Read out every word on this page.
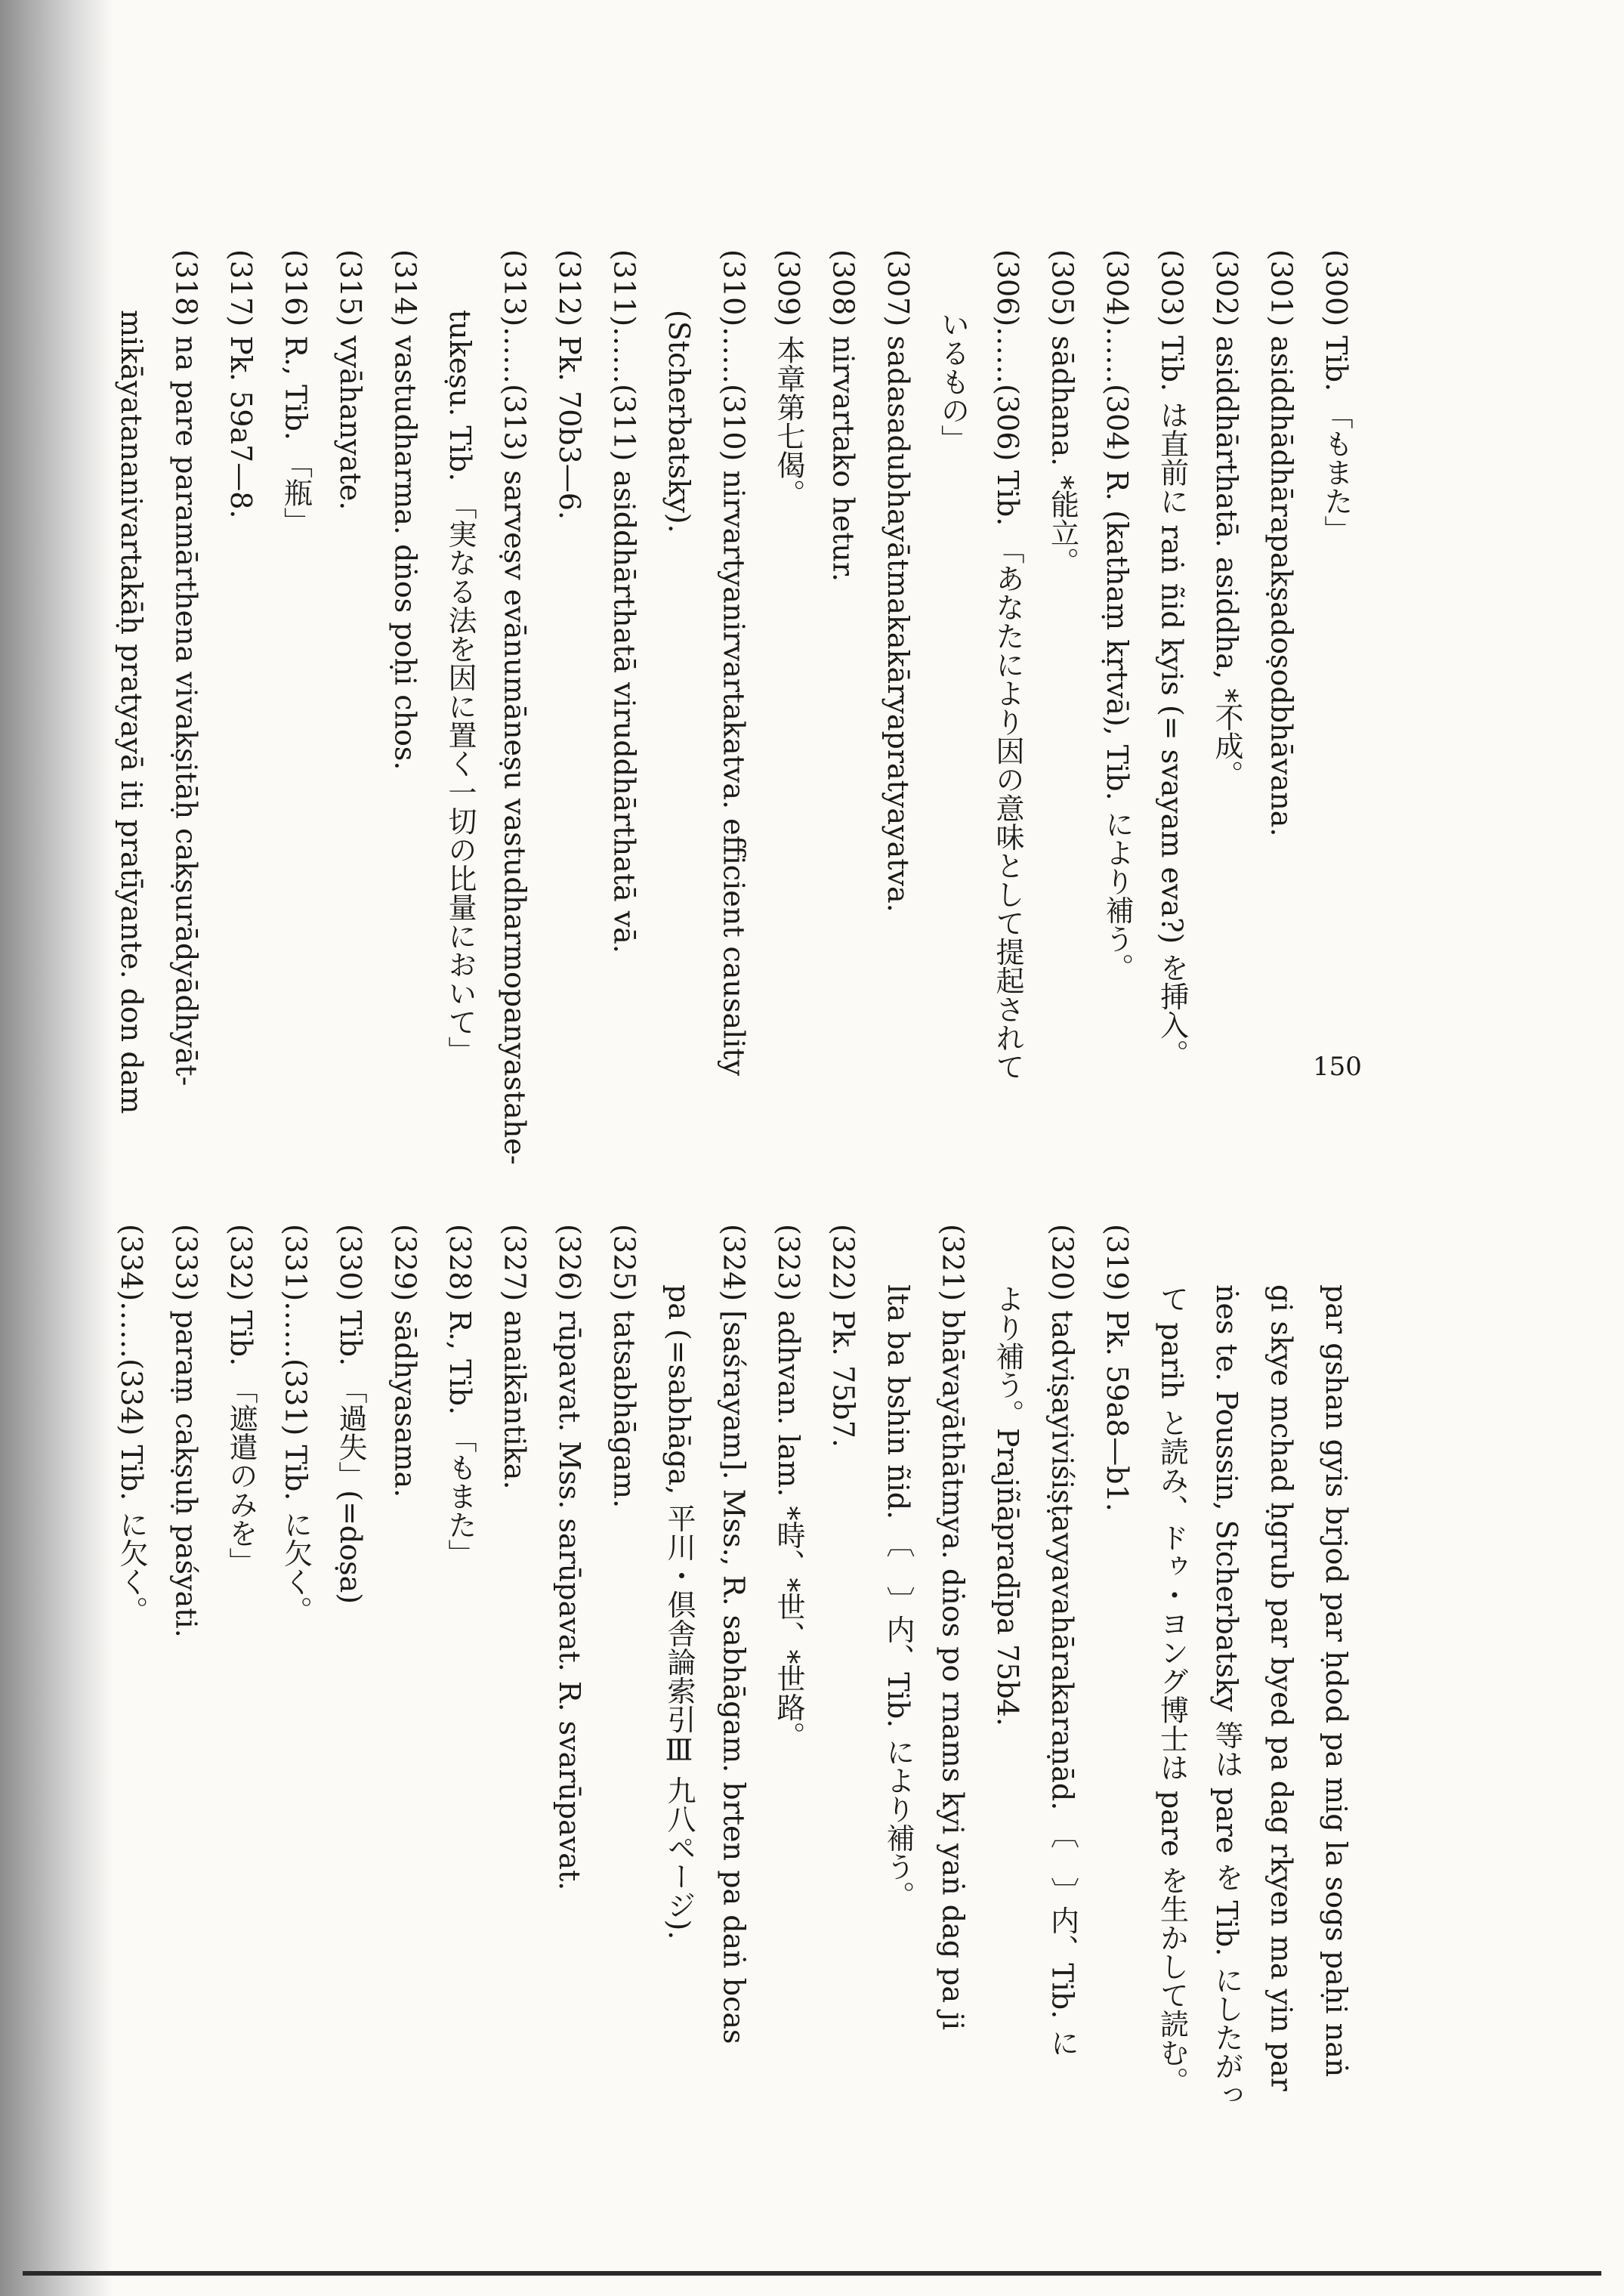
150
(300) Tib. 「もまた」
(301) asiddhādhārapakṣadoṣodbhāvana.
(302) asiddhārthatā. asiddha, *不成。
(303) Tib. は直前に raṅ ñid kyis (= svayam eva?) を挿入。
(304)……(304) R. (kathaṃ kṛtvā), Tib. により補う。
(305) sādhana. *能立。
(306)……(306) Tib. 「あなたにより因の意味として提起されて
いるもの」
(307) sadasadubhayātmakakāryapratyayatva.
(308) nirvartako hetur.
(309) 本章第七偈。
(310)……(310) nirvartyanirvartakatva. efficient causality
(Stcherbatsky).
(311)……(311) asiddhārthatā viruddhārthatā vā.
(312) Pk. 70b3—6.
(313)……(313) sarveṣv evānumāneṣu vastudharmopanyastahe-
tukeṣu. Tib. 「実なる法を因に置く一切の比量において」
(314) vastudharma. dṅos poḥi chos.
(315) vyāhanyate.
(316) R., Tib. 「瓶」
(317) Pk. 59a7—8.
(318) na pare paramārthena vivakṣitāḥ cakṣurādyādhyāt-
mikāyatananivartakāḥ pratyayā iti pratīyante. don dam
par gshan gyis brjod par ḥdod pa mig la sogs paḥi naṅ
gi skye mchad ḥgrub par byed pa dag rkyen ma yin par
ṅes te. Poussin, Stcherbatsky 等は pare を Tib. にしたがっ
て parih と読み、ドゥ・ヨング博士は pare を生かして読む。
(319) Pk. 59a8—b1.
(320) tadviṣayiviśiṣṭavyavahārakaraṇād. 〔　〕内、Tib. に
より補う。Prajñāpradīpa 75b4.
(321) bhāvayāthātmya. dṅos po rnams kyi yaṅ dag pa ji
lta ba bshin ñid. 〔　〕内、Tib. により補う。
(322) Pk. 75b7.
(323) adhvan. lam. *時、*世、*世路。
(324) [saśrayam]. Mss., R. sabhāgam. brten pa daṅ bcas
pa (=sabhāga, 平川・倶舎論索引Ⅲ 九八ページ).
(325) tatsabhāgam.
(326) rūpavat. Mss. sarūpavat. R. svarūpavat.
(327) anaikāntika.
(328) R., Tib. 「もまた」
(329) sādhyasama.
(330) Tib. 「過失」(=doṣa)
(331)……(331) Tib. に欠く。
(332) Tib. 「遮遣のみを」
(333) paraṃ cakṣuḥ paśyati.
(334)……(334) Tib. に欠く。
